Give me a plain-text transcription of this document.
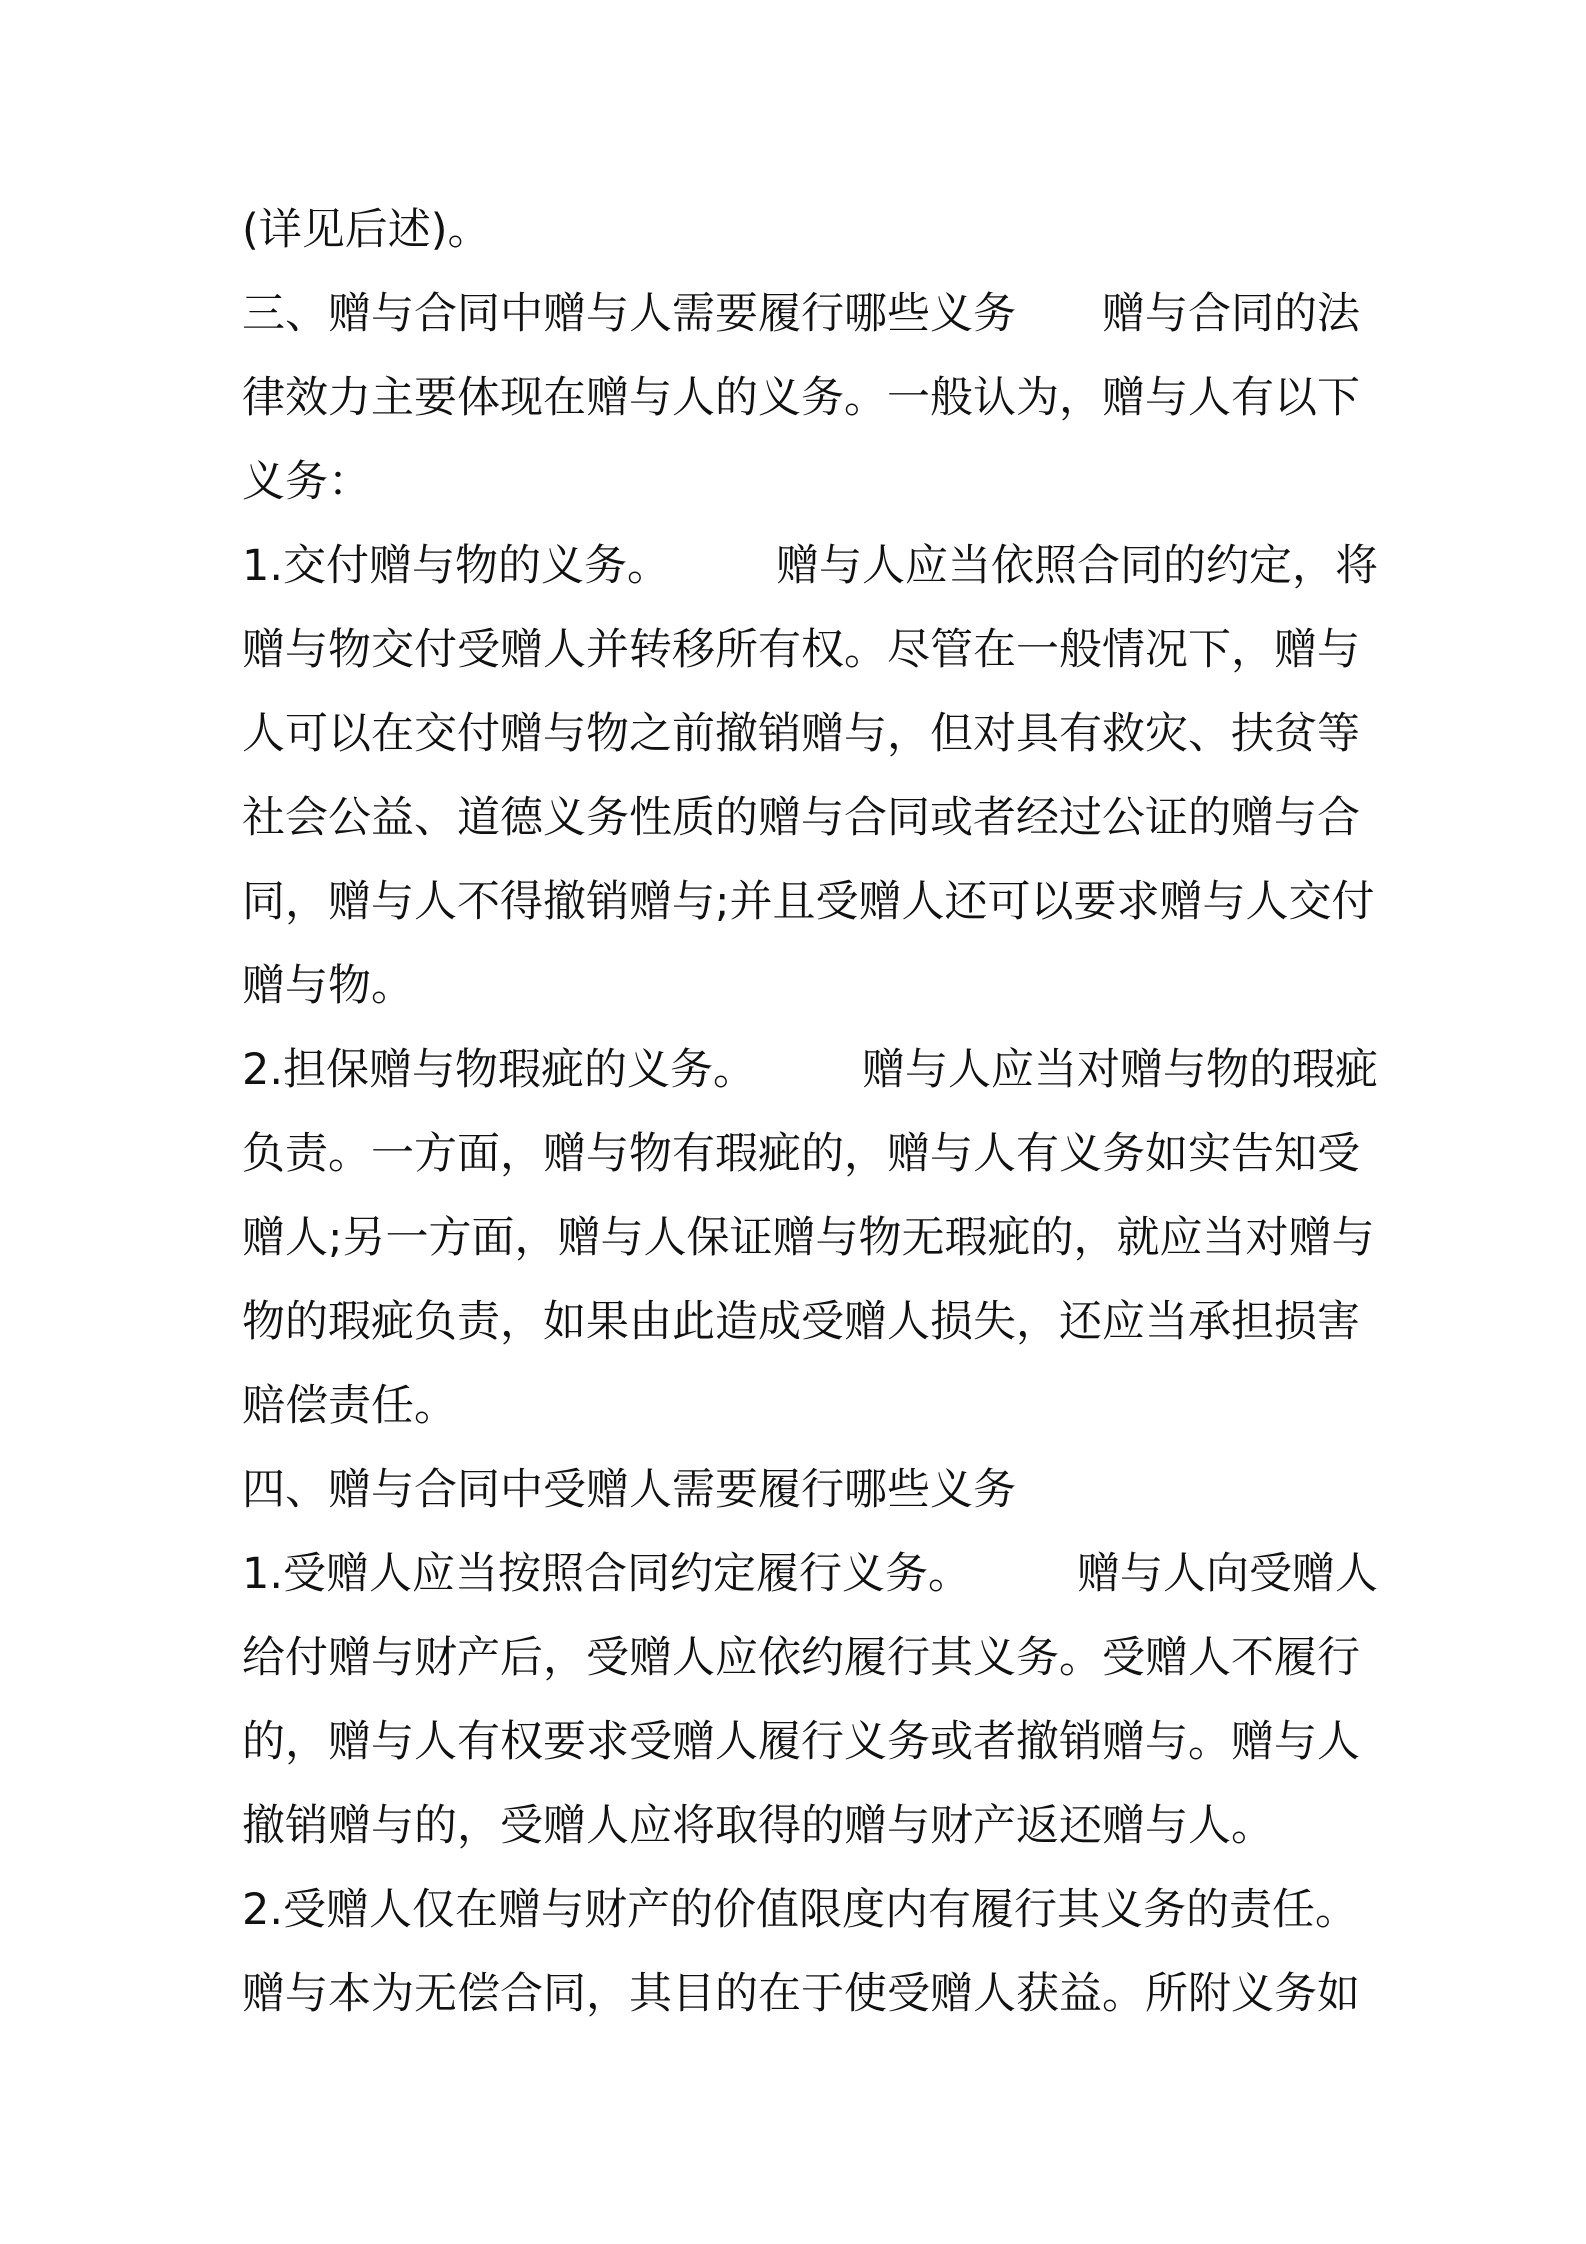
(详见后述)。
三、赠与合同中赠与人需要履行哪些义务 赠与合同的法
律效力主要体现在赠与人的义务。一般认为，赠与人有以下
义务：
1.交付赠与物的义务。 赠与人应当依照合同的约定，将
赠与物交付受赠人并转移所有权。尽管在一般情况下，赠与
人可以在交付赠与物之前撤销赠与，但对具有救灾、扶贫等
社会公益、道德义务性质的赠与合同或者经过公证的赠与合
同，赠与人不得撤销赠与;并且受赠人还可以要求赠与人交付
赠与物。
2.担保赠与物瑕疵的义务。 赠与人应当对赠与物的瑕疵
负责。一方面，赠与物有瑕疵的，赠与人有义务如实告知受
赠人;另一方面，赠与人保证赠与物无瑕疵的，就应当对赠与
物的瑕疵负责，如果由此造成受赠人损失，还应当承担损害
赔偿责任。
四、赠与合同中受赠人需要履行哪些义务
1.受赠人应当按照合同约定履行义务。 赠与人向受赠人
给付赠与财产后，受赠人应依约履行其义务。受赠人不履行
的，赠与人有权要求受赠人履行义务或者撤销赠与。赠与人
撤销赠与的，受赠人应将取得的赠与财产返还赠与人。
2.受赠人仅在赠与财产的价值限度内有履行其义务的责任。
赠与本为无偿合同，其目的在于使受赠人获益。所附义务如
